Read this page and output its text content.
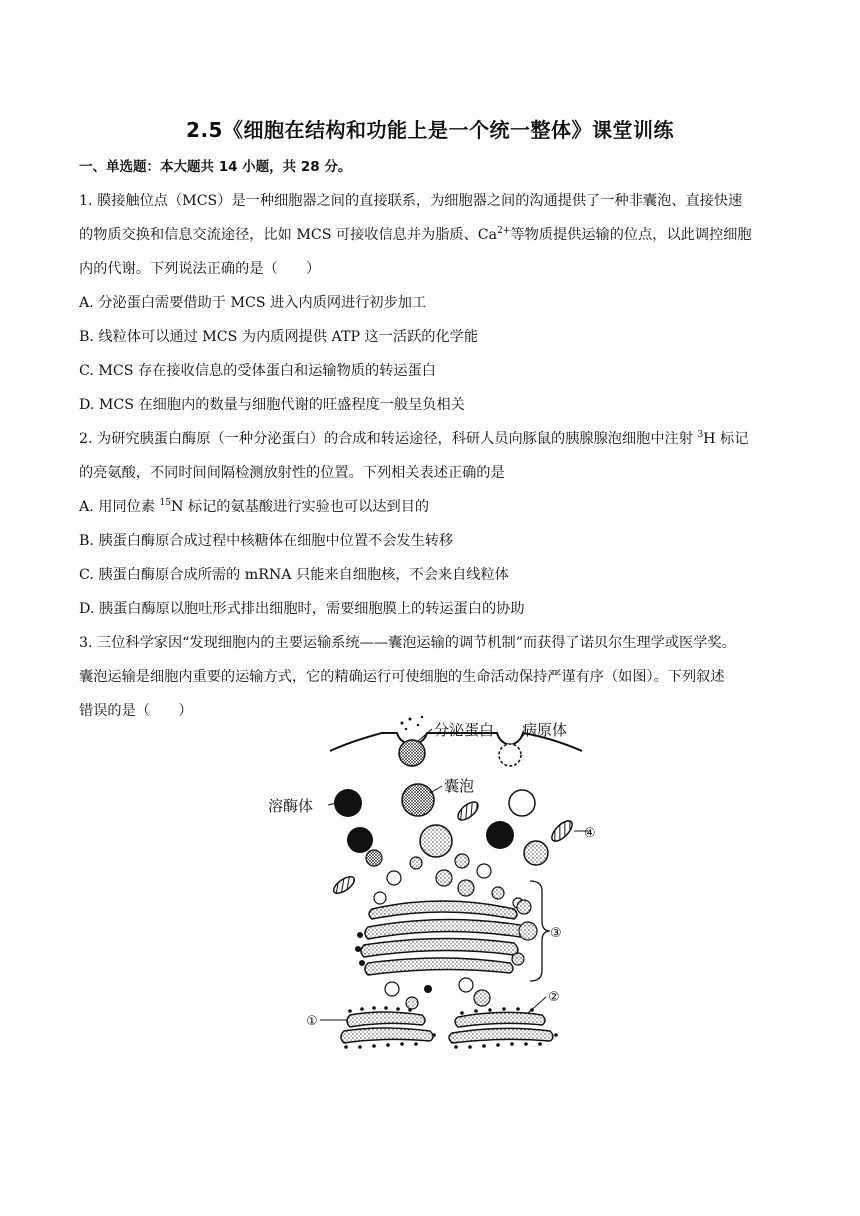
2.5《细胞在结构和功能上是一个统一整体》课堂训练
一、单选题：本大题共 14 小题，共 28 分。
1. 膜接触位点（MCS）是一种细胞器之间的直接联系，为细胞器之间的沟通提供了一种非囊泡、直接快速
的物质交换和信息交流途径，比如 MCS 可接收信息并为脂质、$Ca^{2+}$等物质提供运输的位点，以此调控细胞
内的代谢。下列说法正确的是（　　）
A. 分泌蛋白需要借助于 MCS 进入内质网进行初步加工
B. 线粒体可以通过 MCS 为内质网提供 ATP 这一活跃的化学能
C. MCS 存在接收信息的受体蛋白和运输物质的转运蛋白
D. MCS 在细胞内的数量与细胞代谢的旺盛程度一般呈负相关
2. 为研究胰蛋白酶原（一种分泌蛋白）的合成和转运途径，科研人员向豚鼠的胰腺腺泡细胞中注射 $^3$H 标记
的亮氨酸，不同时间间隔检测放射性的位置。下列相关表述正确的是
A. 用同位素 $^{15}$N 标记的氨基酸进行实验也可以达到目的
B. 胰蛋白酶原合成过程中核糖体在细胞中位置不会发生转移
C. 胰蛋白酶原合成所需的 mRNA 只能来自细胞核，不会来自线粒体
D. 胰蛋白酶原以胞吐形式排出细胞时，需要细胞膜上的转运蛋白的协助
3. 三位科学家因“发现细胞内的主要运输系统——囊泡运输的调节机制”而获得了诺贝尔生理学或医学奖。
囊泡运输是细胞内重要的运输方式，它的精确运行可使细胞的生命活动保持严谨有序（如图）。下列叙述
错误的是（　　）
分泌蛋白 病原体
囊泡
溶酶体
④
③
①
②
